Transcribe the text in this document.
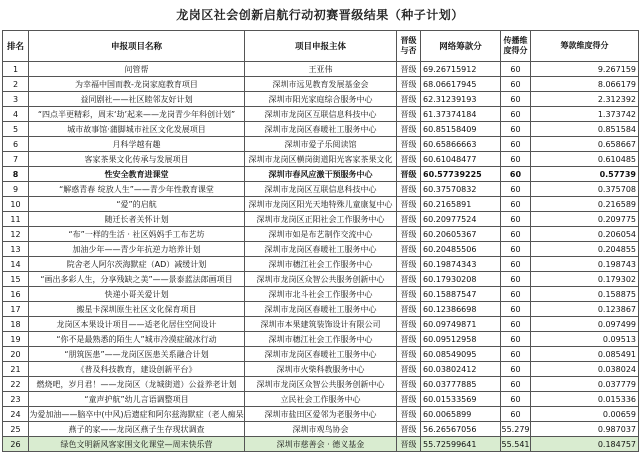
龙岗区社会创新启航行动初赛晋级结果（种子计划）
排名	申报项目名称	项目申报主体	晋级与否	网络筹款分	传播维度得分	筹款维度得分
1	问管帮	王亚伟	晋级	69.26715912	60	9.267159
2	为幸福中国而教-龙岗家庭教育项目	深圳市远见教育发展基金会	晋级	68.06617945	60	8.066179
3	益同剧社——社区睦邻友好计划	深圳市阳光家庭综合服务中心	晋级	62.31239193	60	2.312392
4	“四点半更精彩，周末‘劫’起来——龙岗青少年科创计划”	深圳市龙岗区互联信息科技中心	晋级	61.37374184	60	1.373742
5	城市故事馆·蒲脚城市社区文化发展项目	深圳市龙岗区春暖社工服务中心	晋级	60.85158409	60	0.851584
6	月科学越有趣	深圳市爱子乐阅读馆	晋级	60.65866663	60	0.658667
7	客家茶果文化传承与发展项目	深圳市龙岗区横岗街道阳光客家茶果文化	晋级	60.61048477	60	0.610485
8	性安全教育进课堂	深圳市春风应激干预服务中心	晋级	60.57739225	60	0.57739
9	“解惑青春 绽放人生”——青少年性教育课堂	深圳市龙岗区互联信息科技中心	晋级	60.37570832	60	0.375708
10	“爱”的启航	深圳市龙岗区阳光天地特殊儿童康复中心	晋级	60.2165891	60	0.216589
11	随迁长者关怀计划	深圳市龙岗区正阳社会工作服务中心	晋级	60.20977524	60	0.209775
12	“布”一样的生活 · 社区妈妈手工布艺坊	深圳市如是布艺制作交流中心	晋级	60.20605367	60	0.206054
13	加油少年——青少年抗逆力培养计划	深圳市龙岗区春暖社工服务中心	晋级	60.20485506	60	0.204855
14	院舍老人阿尔茨海默症（AD）减缓计划	深圳市穗江社会工作服务中心	晋级	60.19874343	60	0.198743
15	“画出多彩人生，分享残缺之美”——景泰蓝法郎画项目	深圳市龙岗区众智公共服务创新中心	晋级	60.17930208	60	0.179302
16	快递小哥关爱计划	深圳市北斗社会工作服务中心	晋级	60.15887547	60	0.158875
17	搬星卡深圳原生社区文化保育项目	深圳市龙岗区春暖社工服务中心	晋级	60.12386698	60	0.123867
18	龙岗区本果设计项目——适老化居住空间设计	深圳市本果建筑装饰设计有限公司	晋级	60.09749871	60	0.097499
19	“你不是最熟悉的陌生人”城市冷漠症破冰行动	深圳市穗江社会工作服务中心	晋级	60.09512958	60	0.09513
20	“朋筑医患”——龙岗区医患关系融合计划	深圳市龙岗区春暖社工服务中心	晋级	60.08549095	60	0.085491
21	《普及科技教育，建设创新平台》	深圳市火柴科教服务中心	晋级	60.03802412	60	0.038024
22	燃烧吧，岁月君！——龙岗区（龙城街道）公益养老计划	深圳市龙岗区众智公共服务创新中心	晋级	60.03777885	60	0.037779
23	“童声护航”幼儿言语调整项目	立民社会工作服务中心	晋级	60.01533569	60	0.015336
24	为爱加油——脑卒中(中风)后遗症和阿尔兹海默症（老人痴呆	深圳市盐田区爱邻为老服务中心	晋级	60.0065899	60	0.00659
25	燕子的家——龙岗区燕子生存现状调查	深圳市观鸟协会	晋级	56.26567056	55.279	0.987037
26	绿色文明新风客家围文化课堂—周末快乐营	深圳市慈善会 · 德义基金	晋级	55.72599641	55.541	0.184757
